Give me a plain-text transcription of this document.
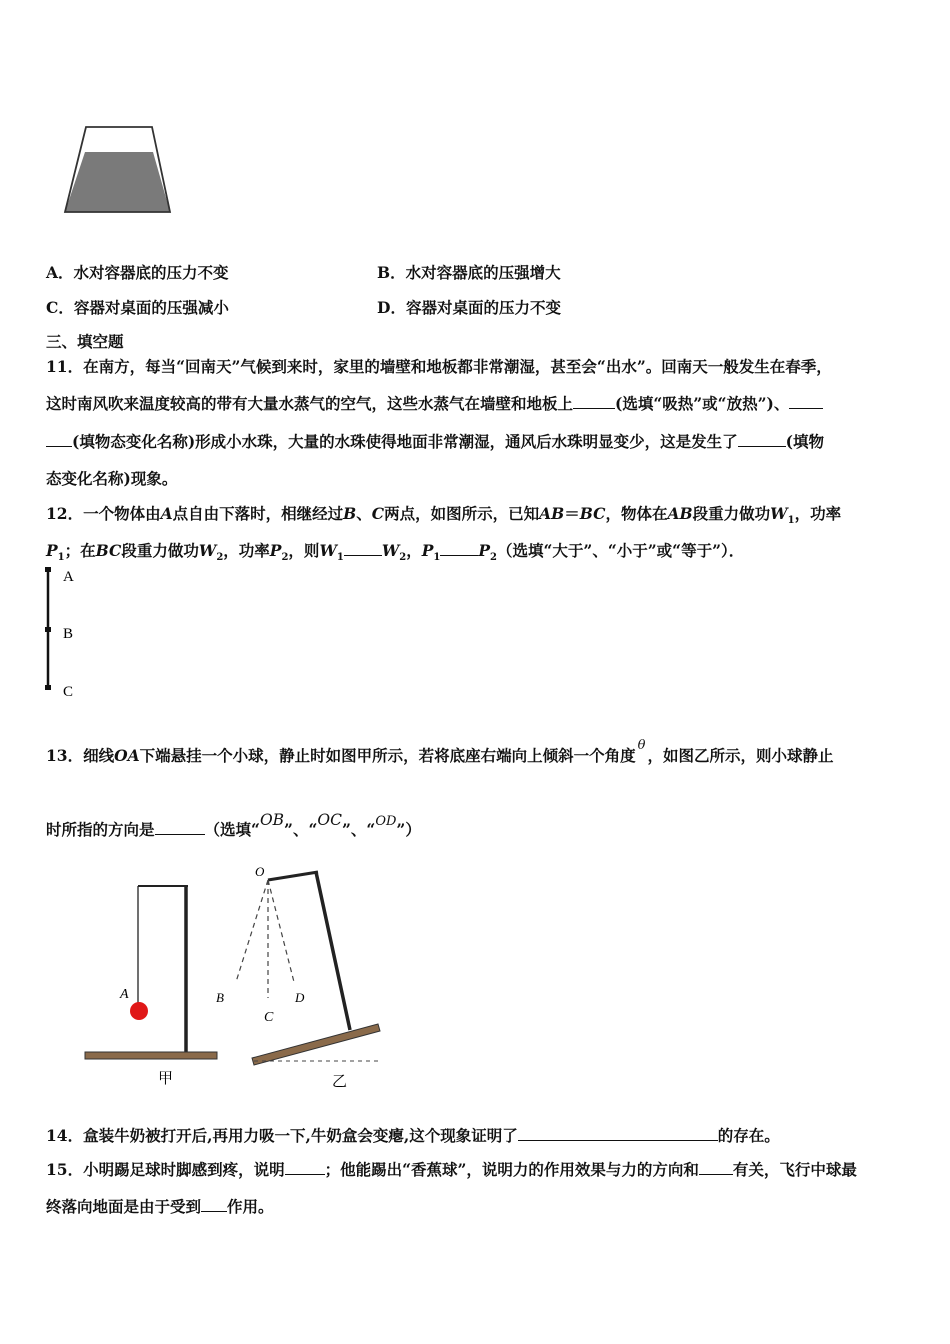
A．水对容器底的压力不变	B．水对容器底的压强增大
C．容器对桌面的压强减小	D．容器对桌面的压力不变
三、填空题
11．在南方，每当“回南天”气候到来时，家里的墙壁和地板都非常潮湿，甚至会“出水”。回南天一般发生在春季，
这时南风吹来温度较高的带有大量水蒸气的空气，这些水蒸气在墙壁和地板上	(选填“吸热”或“放热”)、
(填物态变化名称)形成小水珠，大量的水珠使得地面非常潮湿，通风后水珠明显变少，这是发生了	(填物
态变化名称)现象。
12．一个物体由A点自由下落时，相继经过B、C两点，如图所示，已知AB＝BC，物体在AB段重力做功$W_1$，功率
$P_1$；在BC段重力做功$W_2$，功率$P_2$，则$W_1$ $W_2$，$P_1$ $P_2$（选填“大于”、“小于”或“等于”）．
A
B
C
13．细线OA下端悬挂一个小球，静止时如图甲所示，若将底座右端向上倾斜一个角度$^\theta$，如图乙所示，则小球静止
时所指的方向是	（选填“OB”、“OC”、“$^{OD}$”）
A
甲
O
B
C
D
乙
14．盒装牛奶被打开后,再用力吸一下,牛奶盒会变瘪,这个现象证明了	的存在。
15．小明踢足球时脚感到疼，说明	；他能踢出“香蕉球”，说明力的作用效果与力的方向和 有关，飞行中球最
终落向地面是由于受到 作用。
